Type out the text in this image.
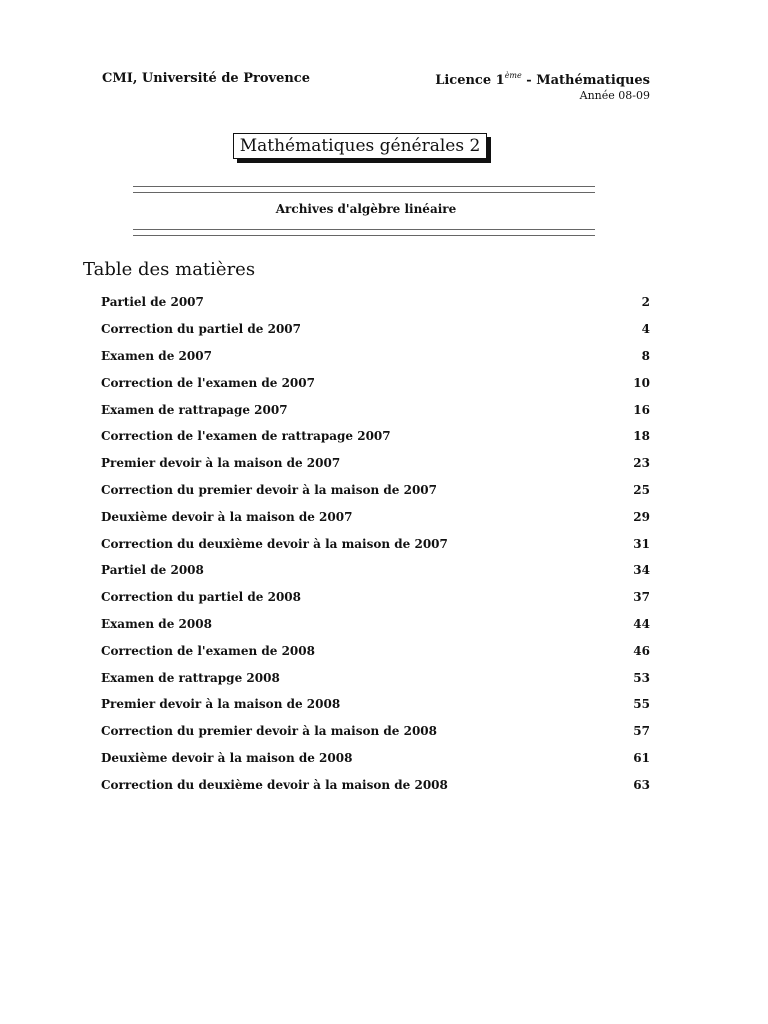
CMI, Université de Provence	Licence 1ème - Mathématiques
Année 08-09
Mathématiques générales 2
Archives d'algèbre linéaire
Table des matières
Partiel de 2007	2
Correction du partiel de 2007	4
Examen de 2007	8
Correction de l'examen de 2007	10
Examen de rattrapage 2007	16
Correction de l'examen de rattrapage 2007	18
Premier devoir à la maison de 2007	23
Correction du premier devoir à la maison de 2007	25
Deuxième devoir à la maison de 2007	29
Correction du deuxième devoir à la maison de 2007	31
Partiel de 2008	34
Correction du partiel de 2008	37
Examen de 2008	44
Correction de l'examen de 2008	46
Examen de rattrapge 2008	53
Premier devoir à la maison de 2008	55
Correction du premier devoir à la maison de 2008	57
Deuxième devoir à la maison de 2008	61
Correction du deuxième devoir à la maison de 2008	63
